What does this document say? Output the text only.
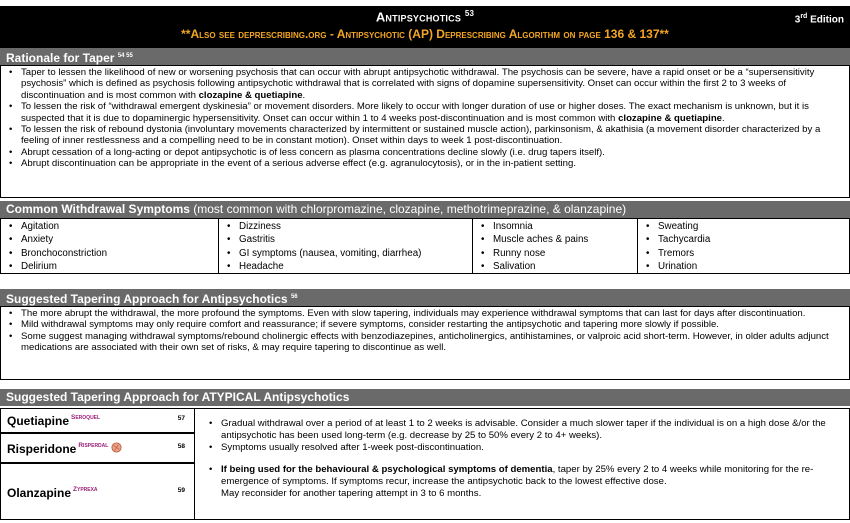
Antipsychotics $^{53}$
3rd Edition
**Also see deprescribing.org - Antipsychotic (AP) Deprescribing Algorithm on page 136 & 137**
Rationale for Taper $^{54 55}$
• Taper to lessen the likelihood of new or worsening psychosis that can occur with abrupt antipsychotic withdrawal. The psychosis can be severe, have a rapid onset or be a “supersensitivity psychosis” which is defined as psychosis following antipsychotic withdrawal that is correlated with signs of dopamine supersensitivity. Onset can occur within the first 2 to 3 weeks of discontinuation and is most common with clozapine & quetiapine.
• To lessen the risk of “withdrawal emergent dyskinesia” or movement disorders. More likely to occur with longer duration of use or higher doses. The exact mechanism is unknown, but it is suspected that it is due to dopaminergic hypersensitivity. Onset can occur within 1 to 4 weeks post-discontinuation and is most common with clozapine & quetiapine.
• To lessen the risk of rebound dystonia (involuntary movements characterized by intermittent or sustained muscle action), parkinsonism, & akathisia (a movement disorder characterized by a feeling of inner restlessness and a compelling need to be in constant motion). Onset within days to week 1 post-discontinuation.
• Abrupt cessation of a long-acting or depot antipsychotic is of less concern as plasma concentrations decline slowly (i.e. drug tapers itself).
• Abrupt discontinuation can be appropriate in the event of a serious adverse effect (e.g. agranulocytosis), or in the in-patient setting.
Common Withdrawal Symptoms (most common with chlorpromazine, clozapine, methotrimeprazine, & olanzapine)
• Agitation
• Anxiety
• Bronchoconstriction
• Delirium
• Dizziness
• Gastritis
• GI symptoms (nausea, vomiting, diarrhea)
• Headache
• Insomnia
• Muscle aches & pains
• Runny nose
• Salivation
• Sweating
• Tachycardia
• Tremors
• Urination
Suggested Tapering Approach for Antipsychotics $^{56}$
• The more abrupt the withdrawal, the more profound the symptoms. Even with slow tapering, individuals may experience withdrawal symptoms that can last for days after discontinuation.
• Mild withdrawal symptoms may only require comfort and reassurance; if severe symptoms, consider restarting the antipsychotic and tapering more slowly if possible.
• Some suggest managing withdrawal symptoms/rebound cholinergic effects with benzodiazepines, anticholinergics, antihistamines, or valproic acid short-term. However, in older adults adjunct medications are associated with their own set of risks, & may require tapering to discontinue as well.
Suggested Tapering Approach for ATYPICAL Antipsychotics
Quetiapine $^{Seroquel}$	57
Risperidone $^{Risperdal}$	58
Olanzapine $^{Zyprexa}$	59
• Gradual withdrawal over a period of at least 1 to 2 weeks is advisable. Consider a much slower taper if the individual is on a high dose &/or the antipsychotic has been used long-term (e.g. decrease by 25 to 50% every 2 to 4+ weeks).
• Symptoms usually resolved after 1-week post-discontinuation.
• If being used for the behavioural & psychological symptoms of dementia, taper by 25% every 2 to 4 weeks while monitoring for the re-emergence of symptoms. If symptoms recur, increase the antipsychotic back to the lowest effective dose.
May reconsider for another tapering attempt in 3 to 6 months.
